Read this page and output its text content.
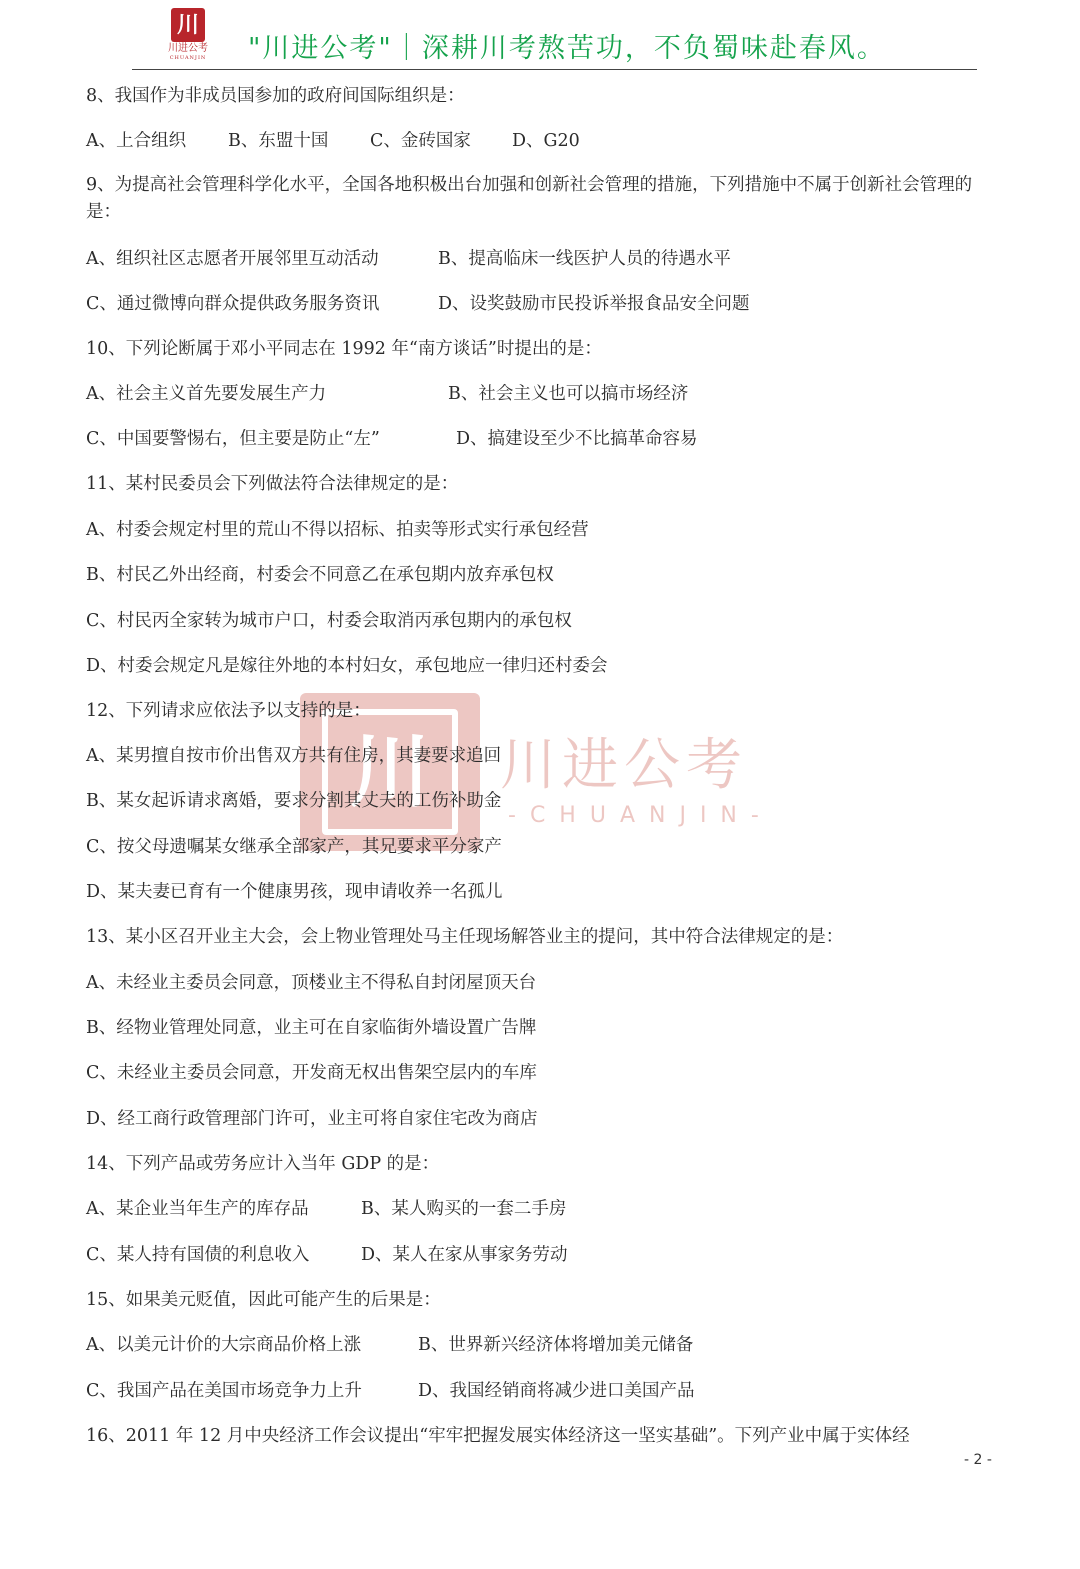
川
川进公考
CHUANJIN	"川进公考"｜深耕川考熬苦功，不负蜀味赴春风。
川	川进公考
-CHUANJIN-
8、我国作为非成员国参加的政府间国际组织是：
A、上合组织 B、东盟十国 C、金砖国家 D、G20
9、为提高社会管理科学化水平，全国各地积极出台加强和创新社会管理的措施，下列措施中不属于创新社会管理的是：
A、组织社区志愿者开展邻里互动活动	B、提高临床一线医护人员的待遇水平
C、通过微博向群众提供政务服务资讯	D、设奖鼓励市民投诉举报食品安全问题
10、下列论断属于邓小平同志在 1992 年“南方谈话”时提出的是：
A、社会主义首先要发展生产力	B、社会主义也可以搞市场经济
C、中国要警惕右，但主要是防止“左”	D、搞建设至少不比搞革命容易
11、某村民委员会下列做法符合法律规定的是：
A、村委会规定村里的荒山不得以招标、拍卖等形式实行承包经营
B、村民乙外出经商，村委会不同意乙在承包期内放弃承包权
C、村民丙全家转为城市户口，村委会取消丙承包期内的承包权
D、村委会规定凡是嫁往外地的本村妇女，承包地应一律归还村委会
12、下列请求应依法予以支持的是：
A、某男擅自按市价出售双方共有住房，其妻要求追回
B、某女起诉请求离婚，要求分割其丈夫的工伤补助金
C、按父母遗嘱某女继承全部家产，其兄要求平分家产
D、某夫妻已育有一个健康男孩，现申请收养一名孤儿
13、某小区召开业主大会，会上物业管理处马主任现场解答业主的提问，其中符合法律规定的是：
A、未经业主委员会同意，顶楼业主不得私自封闭屋顶天台
B、经物业管理处同意，业主可在自家临街外墙设置广告牌
C、未经业主委员会同意，开发商无权出售架空层内的车库
D、经工商行政管理部门许可，业主可将自家住宅改为商店
14、下列产品或劳务应计入当年 GDP 的是：
A、某企业当年生产的库存品	B、某人购买的一套二手房
C、某人持有国债的利息收入	D、某人在家从事家务劳动
15、如果美元贬值，因此可能产生的后果是：
A、以美元计价的大宗商品价格上涨	B、世界新兴经济体将增加美元储备
C、我国产品在美国市场竞争力上升	D、我国经销商将减少进口美国产品
16、2011 年 12 月中央经济工作会议提出“牢牢把握发展实体经济这一坚实基础”。下列产业中属于实体经
- 2 -
